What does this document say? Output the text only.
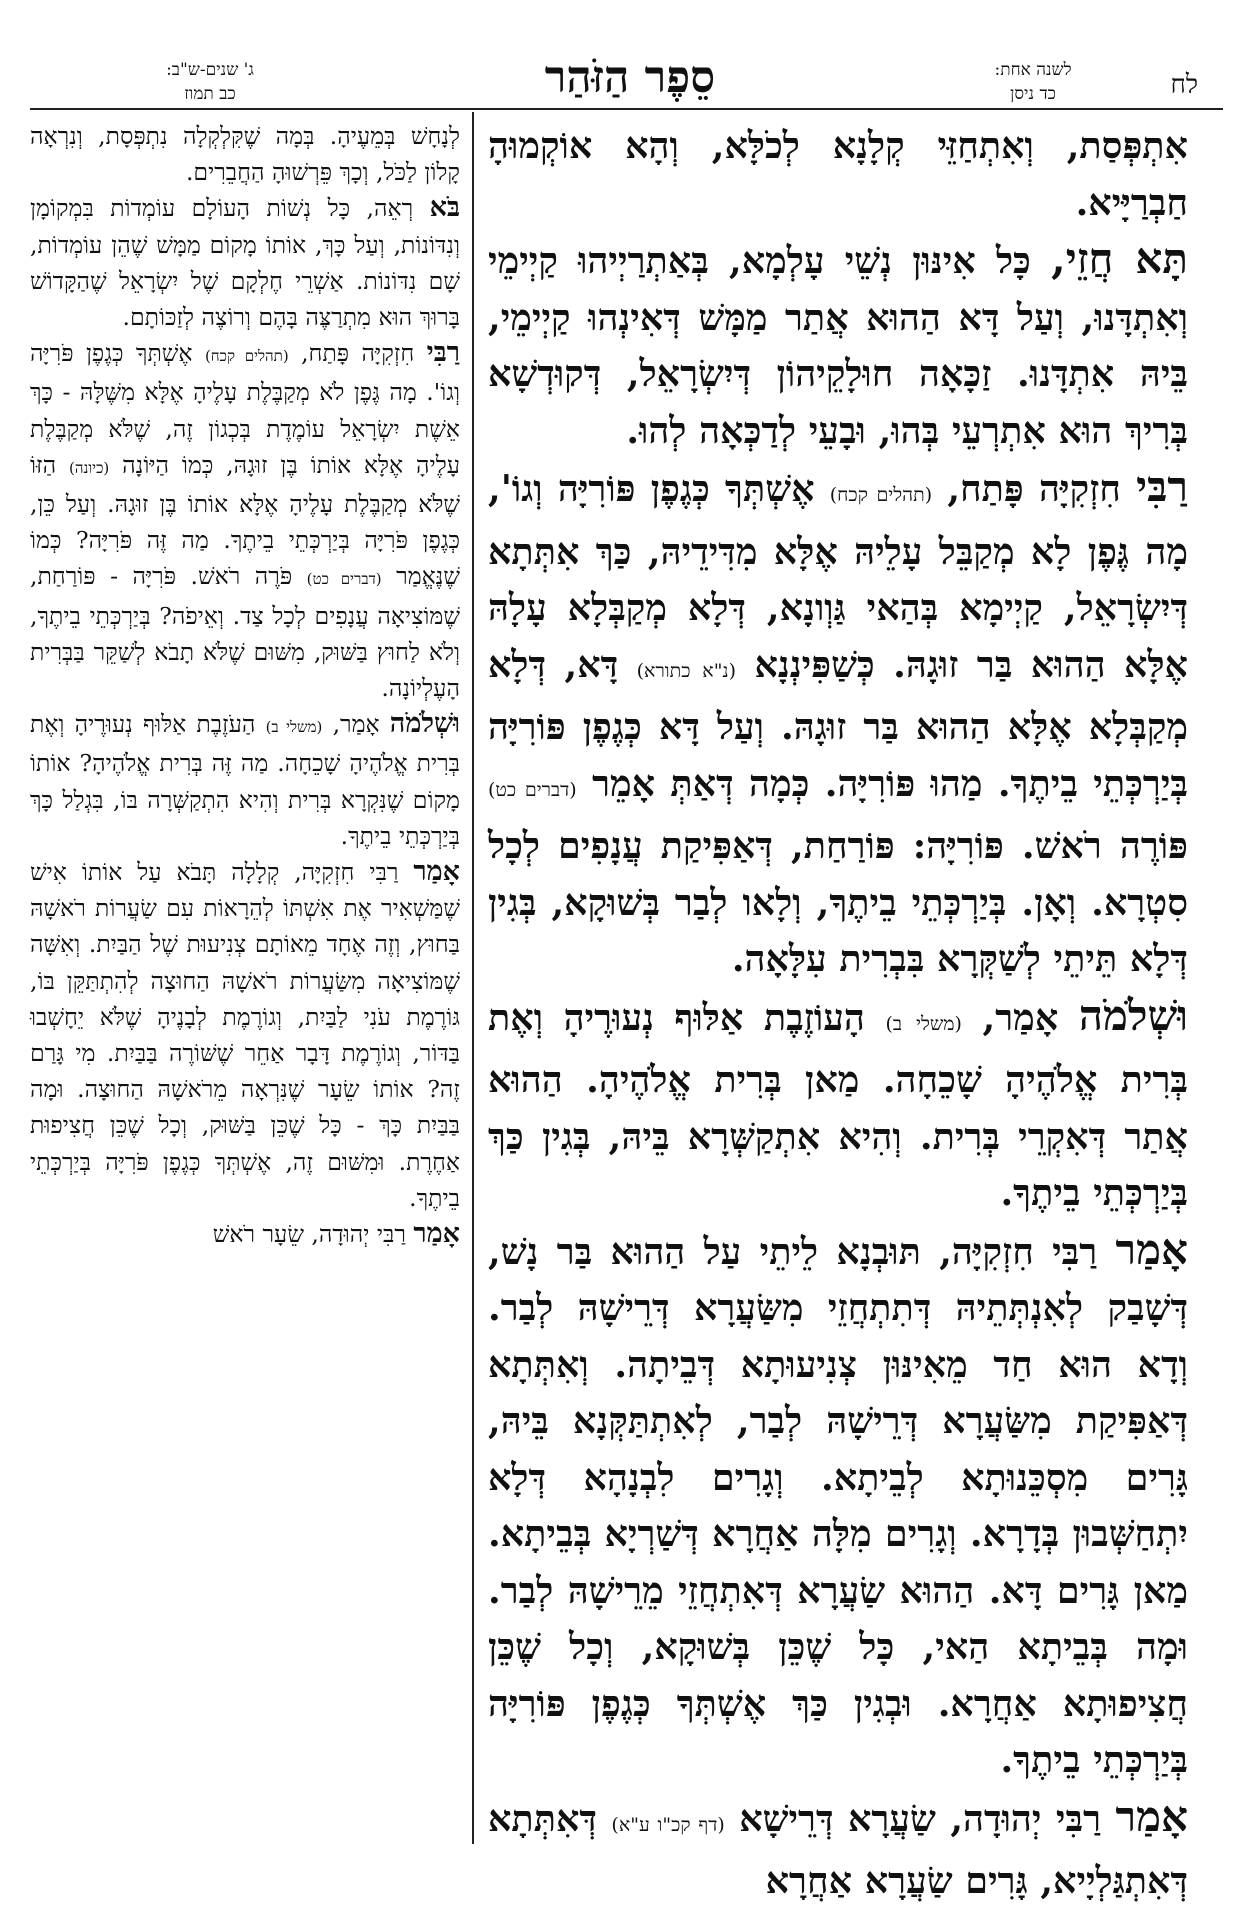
לח
לשנה אחת:
כד ניסן
סֵפֶר הַזֹּהַר
ג' שנים-ש"ב:
כב תמוז

אִתְפְּסַת, וְאִתְחַזֵּי קְלָנָא לְכֹלָּא, וְהָא אוֹקְמוּהָ חַבְרַיָּיא.

תָּא חֲזֵי, כָּל אִינּוּן נְשֵׁי עָלְמָא, בְּאַתְרַיְיהוּ קַיְימֵי וְאִתְדָּנוּ, וְעַל דָּא הַהוּא אֲתַר מַמָּשׁ דְּאִינְהוּ קַיְימֵי, בֵּיהּ אִתְדָּנוּ. זַכָּאָה חוּלָקֵיהוֹן דְּיִשְׂרָאֵל, דְּקוּדְשָׁא בְּרִיךְ הוּא אִתְרְעֵי בְּהוּ, וּבָעֵי לְדַכְּאָה לְהוּ.

רַבִּי חִזְקִיָּה פָּתַח, (תהלים קכח) אֶשְׁתְּךָ כְּגֶפֶן פּוֹרִיָּה וְגוֹ', מָה גֶּפֶן לָא מְקַבֵּל עָלֵיהּ אֶלָּא מִדִּידֵיהּ, כַּךְ אִתְּתָא דְּיִשְׂרָאֵל, קַיְימָא בְּהַאי גַּוְונָא, דְּלָא מְקַבְּלָא עָלָהּ אֶלָּא הַהוּא בַּר זוּגָהּ. כְּשַׁפִּינְנָא (נ"א כתורא) דָּא, דְּלָא מְקַבְּלָא אֶלָּא הַהוּא בַּר זוּגָהּ. וְעַל דָּא כְּגֶפֶן פּוֹרִיָּה בְּיַרְכְּתֵי בֵיתֶךָ. מַהוּ פּוֹרִיָּה. כְּמָה דְּאַתְּ אָמֵר (דברים כט) פּוֹרֶה רֹאשׁ. פּוֹרִיָּה: פּוֹרַחַת, דְּאַפִּיקַת עֲנָפִים לְכָל סִטְרָא. וְאָן. בְּיַרְכְּתֵי בֵיתֶךָ, וְלָאו לְבַר בְּשׁוּקָא, בְּגִין דְּלָא תֵּיתֵי לְשַׁקְּרָא בִּבְרִית עִלָּאָה.

וּשְׁלֹמֹה אָמַר, (משלי ב) הָעוֹזֶבֶת אַלּוּף נְעוּרֶיהָ וְאֶת בְּרִית אֱלֹהֶיהָ שָׁכֵחָה. מַאן בְּרִית אֱלֹהֶיהָ. הַהוּא אֲתַר דְּאִקְרֵי בְּרִית. וְהִיא אִתְקַשְּׁרָא בֵּיהּ, בְּגִין כַּךְ בְּיַרְכְּתֵי בֵיתֶךָ.

אָמַר רַבִּי חִזְקִיָּה, תּוּבְנָא לֵיתֵי עַל הַהוּא בַּר נָשׁ, דְּשָׁבַק לְאִנְתְּתֵיהּ דְּתִתְחֲזֵי מִשַּׂעֲרָא דְּרֵישָׁהּ לְבַר. וְדָא הוּא חַד מֵאִינּוּן צְנִיעוּתָא דְּבֵיתָה. וְאִתְּתָא דְּאַפִּיקַת מִשַּׂעֲרָא דְּרֵישָׁהּ לְבַר, לְאִתְתַּקְּנָא בֵּיהּ, גָּרִים מִסְכֵּנוּתָא לְבֵיתָא. וְגָרִים לִבְנָהָא דְּלָא יִתְחַשְּׁבוּן בְּדָרָא. וְגָרִים מִלָּה אַחֲרָא דְּשַׁרְיָא בְּבֵיתָא. מַאן גָּרִים דָּא. הַהוּא שַׂעֲרָא דְּאִתְחֲזֵי מֵרֵישָׁהּ לְבַר. וּמָה בְּבֵיתָא הַאי, כָּל שֶׁכֵּן בְּשׁוּקָא, וְכָל שֶׁכֵּן חֲצִיפוּתָא אַחֲרָא. וּבְגִין כַּךְ אֶשְׁתְּךָ כְּגֶפֶן פּוֹרִיָּה בְּיַרְכְּתֵי בֵיתֶךָ.

אָמַר רַבִּי יְהוּדָה, שַׂעֲרָא דְּרֵישָׁא (דף קכ"ו ע"א) דְּאִתְּתָא דְּאִתְגַּלְיָיא, גָּרִים שַׂעֲרָא אַחֲרָא

לְנָחָשׁ בְּמֵעֶיהָ. בְּמָה שֶׁקִּלְקְלָה נִתְפְּסָת, וְנִרְאָה קָלוֹן לַכֹּל, וְכָךְ פֵּרְשׁוּהָ הַחֲבֵרִים.

בֹּא רְאֵה, כָּל נְשׁוֹת הָעוֹלָם עוֹמְדוֹת בִּמְקוֹמָן וְנִדּוֹנוֹת, וְעַל כָּךְ, אוֹתוֹ מָקוֹם מַמָּשׁ שֶׁהֵן עוֹמְדוֹת, שָׁם נִדּוֹנוֹת. אַשְׁרֵי חֶלְקָם שֶׁל יִשְׂרָאֵל שֶׁהַקָּדוֹשׁ בָּרוּךְ הוּא מִתְרַצֶּה בָּהֶם וְרוֹצֶה לְזַכּוֹתָם.

רַבִּי חִזְקִיָּה פָּתַח, (תהלים קכח) אֶשְׁתְּךָ כְּגֶפֶן פֹּרִיָּה וְגוֹ'. מָה גֶּפֶן לֹא מְקַבֶּלֶת עָלֶיהָ אֶלָּא מִשֶּׁלָּהּ - כָּךְ אֵשֶׁת יִשְׂרָאֵל עוֹמֶדֶת בְּכְגוֹן זֶה, שֶׁלֹּא מְקַבֶּלֶת עָלֶיהָ אֶלָּא אוֹתוֹ בֶּן זוּגָהּ, כְּמוֹ הַיּוֹנָה (כיונה) הַזּוֹ שֶׁלֹּא מְקַבֶּלֶת עָלֶיהָ אֶלָּא אוֹתוֹ בֶּן זוּגָהּ. וְעַל כֵּן, כְּגֶפֶן פֹּרִיָּה בְּיַרְכְּתֵי בֵיתֶךָ. מַה זֶּה פֹּרִיָּה? כְּמוֹ שֶׁנֶּאֱמַר (דברים כט) פֹּרֶה רֹאשׁ. פֹּרִיָּה - פּוֹרַחַת, שֶׁמּוֹצִיאָה עֲנָפִים לְכָל צַד. וְאֵיפֹה? בְּיַרְכְּתֵי בֵיתֶךָ, וְלֹא לַחוּץ בַּשּׁוּק, מִשּׁוּם שֶׁלֹּא תָבֹא לְשַׁקֵּר בַּבְּרִית הָעֶלְיוֹנָה.

וּשְׁלֹמֹה אָמַר, (משלי ב) הַעֹזֶבֶת אַלּוּף נְעוּרֶיהָ וְאֶת בְּרִית אֱלֹהֶיהָ שָׁכֵחָה. מַה זֶּה בְּרִית אֱלֹהֶיהָ? אוֹתוֹ מָקוֹם שֶׁנִּקְרָא בְּרִית וְהִיא הִתְקַשְּׁרָה בּוֹ, בִּגְלַל כָּךְ בְּיַרְכְּתֵי בֵיתֶךָ.

אָמַר רַבִּי חִזְקִיָּה, קְלָלָה תָּבֹא עַל אוֹתוֹ אִישׁ שֶׁמַּשְׁאִיר אֶת אִשְׁתּוֹ לְהֵרָאוֹת עִם שַׂעֲרוֹת רֹאשָׁהּ בַּחוּץ, וְזֶה אֶחָד מֵאוֹתָם צְנִיעוּת שֶׁל הַבַּיִת. וְאִשָּׁה שֶׁמּוֹצִיאָה מִשַּׂעֲרוֹת רֹאשָׁהּ הַחוּצָה לְהִתְתַּקֵּן בּוֹ, גּוֹרֶמֶת עֹנִי לַבַּיִת, וְגוֹרֶמֶת לְבָנֶיהָ שֶׁלֹּא יֵחָשְׁבוּ בַּדּוֹר, וְגוֹרֶמֶת דָּבָר אַחֵר שֶׁשּׁוֹרֶה בַּבַּיִת. מִי גָּרַם זֶה? אוֹתוֹ שֵׂעָר שֶׁנִּרְאָה מֵרֹאשָׁהּ הַחוּצָה. וּמָה בַּבַּיִת כָּךְ - כָּל שֶׁכֵּן בַּשּׁוּק, וְכָל שֶׁכֵּן חֲצִיפוּת אַחֶרֶת. וּמִשּׁוּם זֶה, אֶשְׁתְּךָ כְּגֶפֶן פֹּרִיָּה בְּיַרְכְּתֵי בֵיתֶךָ.

אָמַר רַבִּי יְהוּדָה, שֵׂעָר רֹאשׁ
